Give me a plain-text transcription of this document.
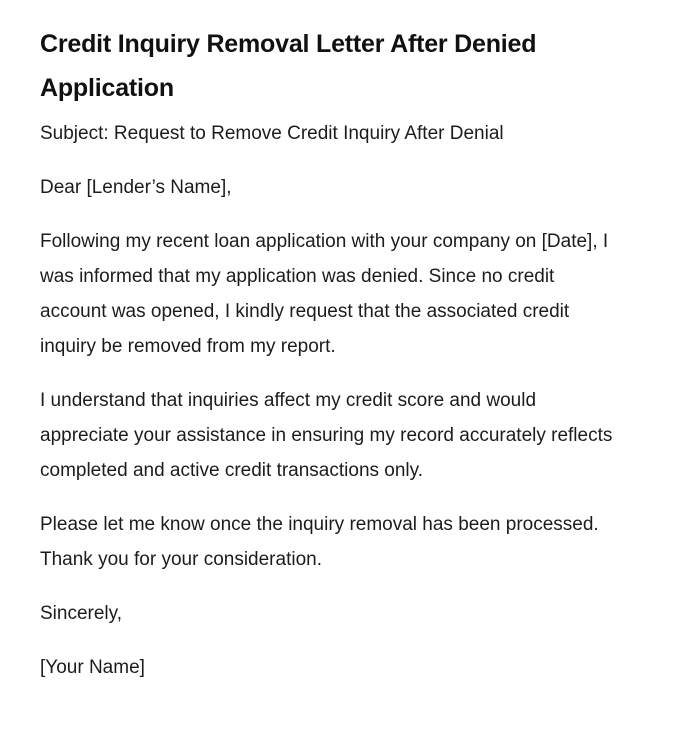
Credit Inquiry Removal Letter After Denied Application

Subject: Request to Remove Credit Inquiry After Denial

Dear [Lender’s Name],

Following my recent loan application with your company on [Date], I was informed that my application was denied. Since no credit account was opened, I kindly request that the associated credit inquiry be removed from my report.

I understand that inquiries affect my credit score and would appreciate your assistance in ensuring my record accurately reflects completed and active credit transactions only.

Please let me know once the inquiry removal has been processed. Thank you for your consideration.

Sincerely,

[Your Name]
